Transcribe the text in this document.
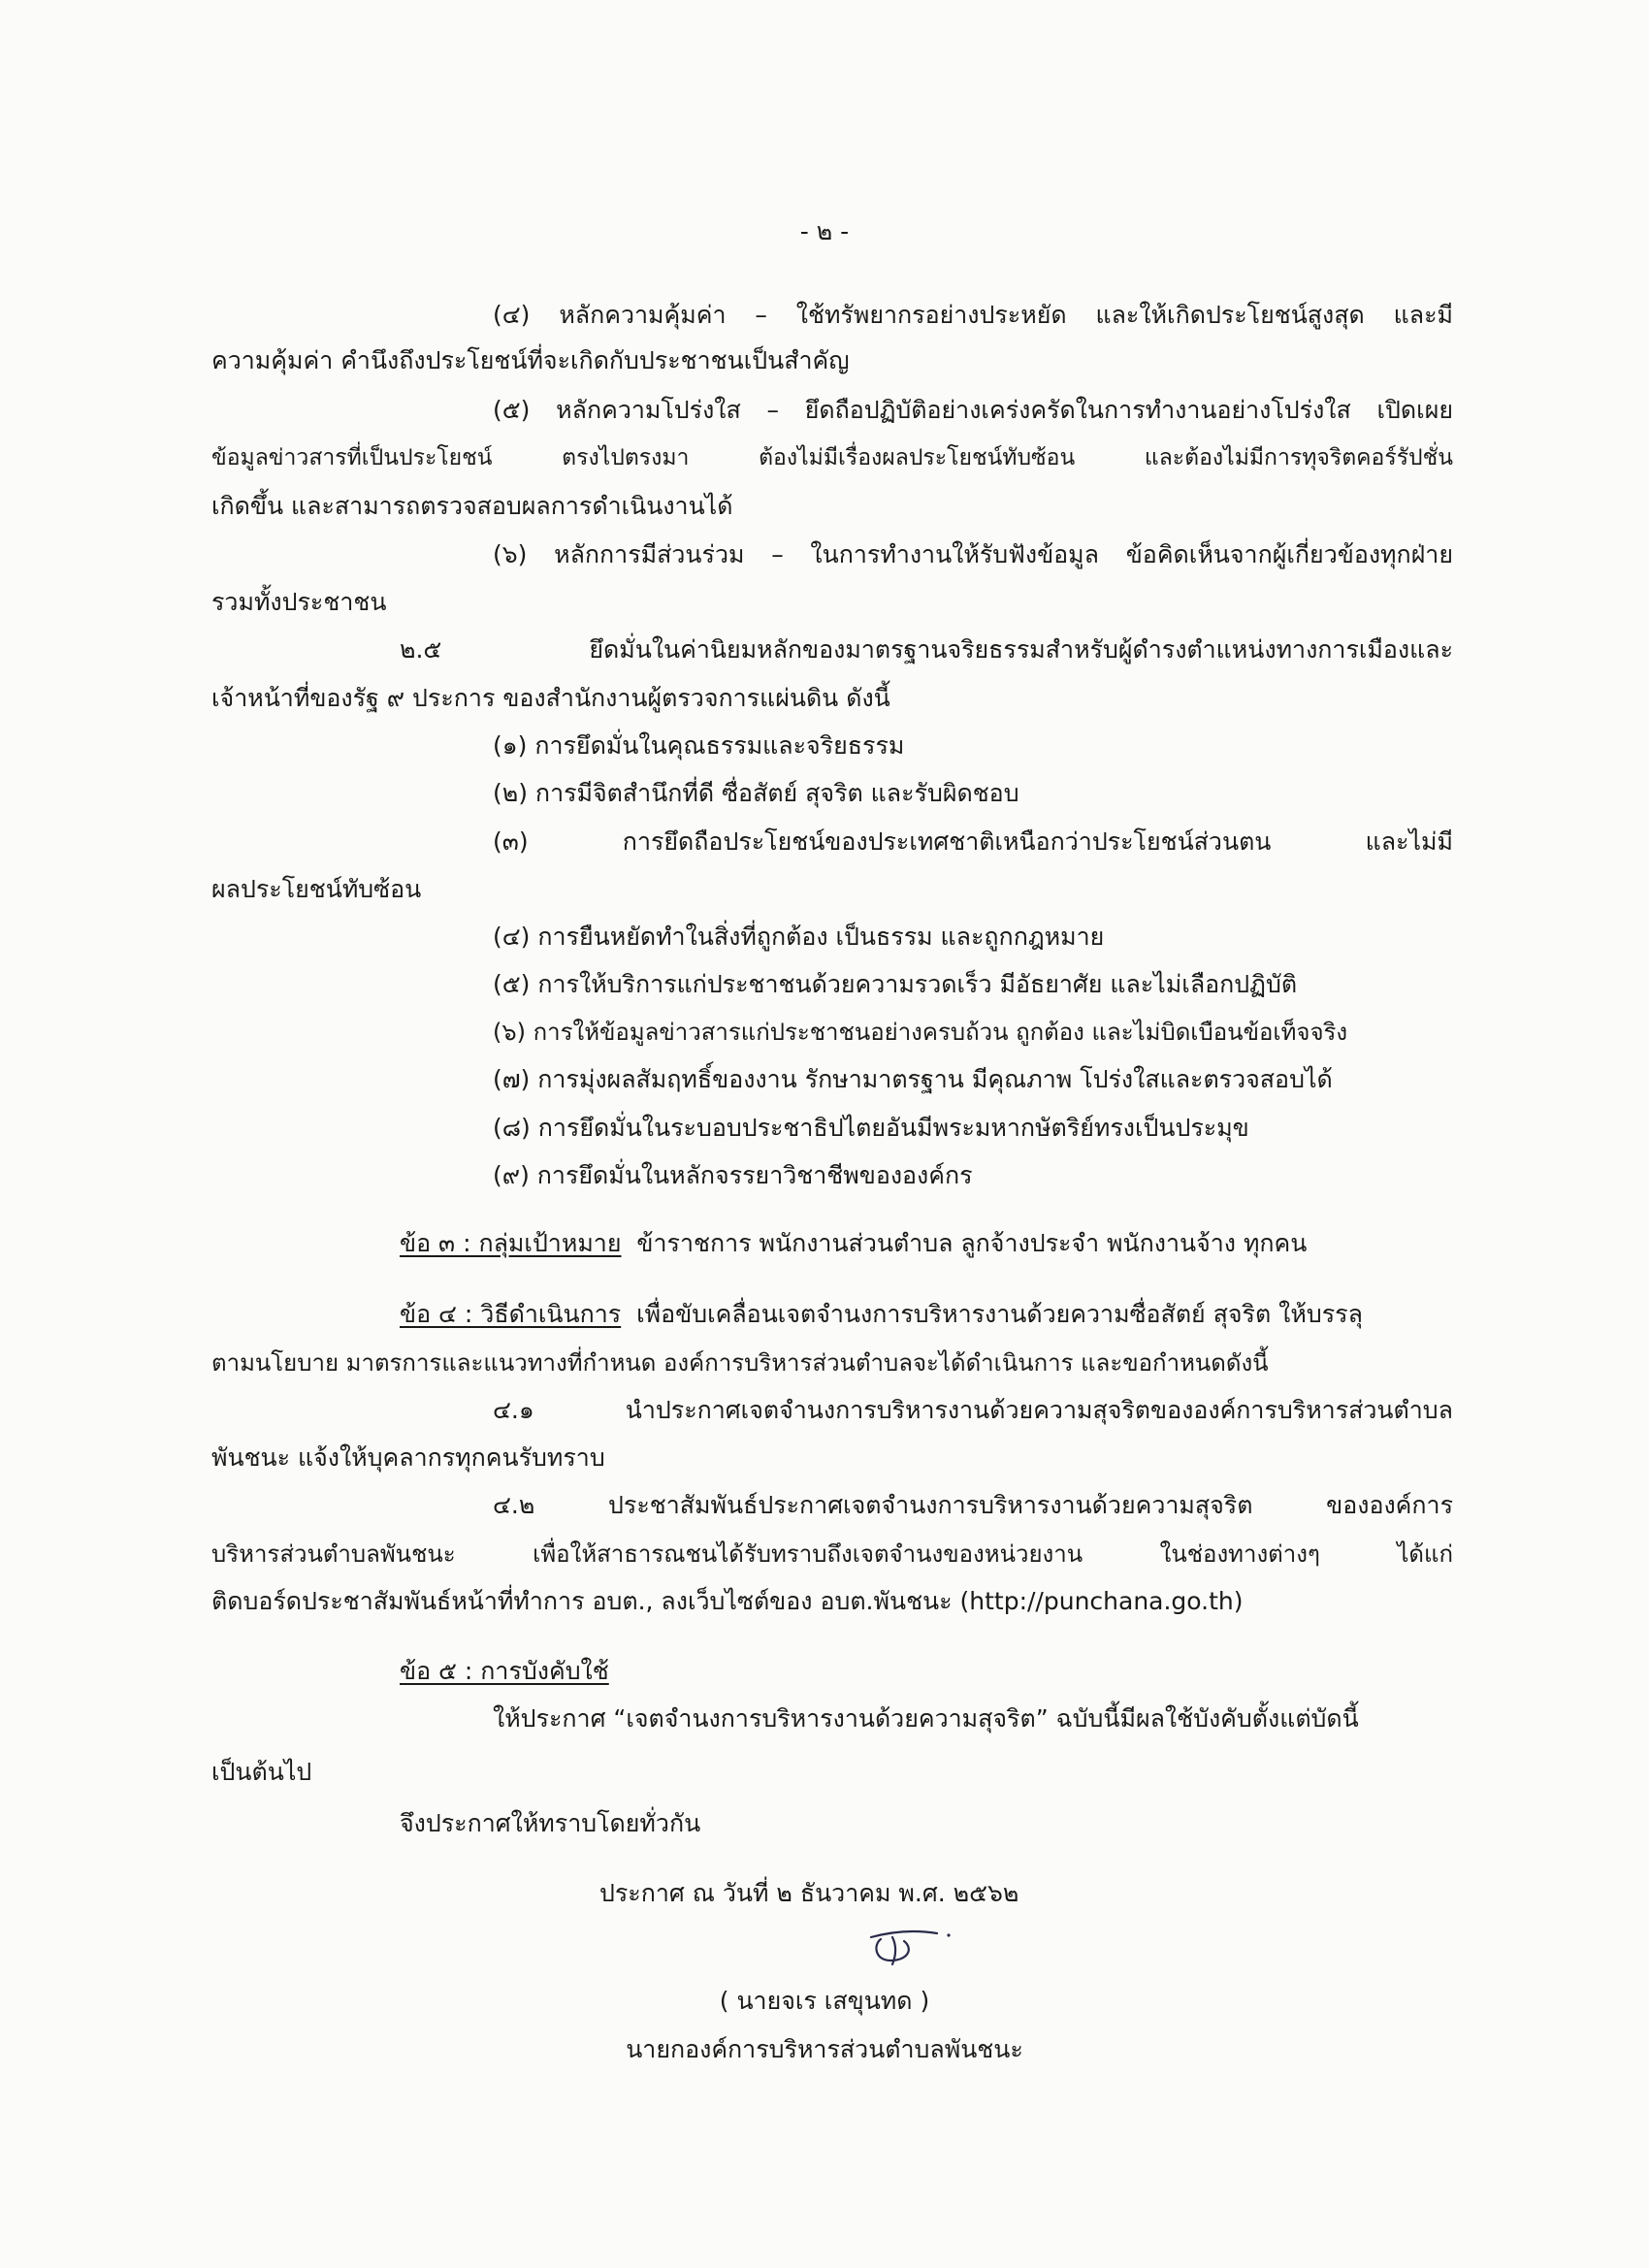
- ๒ -
(๔) หลักความคุ้มค่า – ใช้ทรัพยากรอย่างประหยัด และให้เกิดประโยชน์สูงสุด และมี
ความคุ้มค่า คำนึงถึงประโยชน์ที่จะเกิดกับประชาชนเป็นสำคัญ
(๕) หลักความโปร่งใส – ยึดถือปฏิบัติอย่างเคร่งครัดในการทำงานอย่างโปร่งใส เปิดเผย
ข้อมูลข่าวสารที่เป็นประโยชน์ ตรงไปตรงมา ต้องไม่มีเรื่องผลประโยชน์ทับซ้อน และต้องไม่มีการทุจริตคอร์รัปชั่น
เกิดขึ้น และสามารถตรวจสอบผลการดำเนินงานได้
(๖) หลักการมีส่วนร่วม – ในการทำงานให้รับฟังข้อมูล ข้อคิดเห็นจากผู้เกี่ยวข้องทุกฝ่าย
รวมทั้งประชาชน
๒.๕ ยึดมั่นในค่านิยมหลักของมาตรฐานจริยธรรมสำหรับผู้ดำรงตำแหน่งทางการเมืองและ
เจ้าหน้าที่ของรัฐ ๙ ประการ ของสำนักงานผู้ตรวจการแผ่นดิน ดังนี้
(๑) การยึดมั่นในคุณธรรมและจริยธรรม
(๒) การมีจิตสำนึกที่ดี ซื่อสัตย์ สุจริต และรับผิดชอบ
(๓) การยึดถือประโยชน์ของประเทศชาติเหนือกว่าประโยชน์ส่วนตน และไม่มี
ผลประโยชน์ทับซ้อน
(๔) การยืนหยัดทำในสิ่งที่ถูกต้อง เป็นธรรม และถูกกฎหมาย
(๕) การให้บริการแก่ประชาชนด้วยความรวดเร็ว มีอัธยาศัย และไม่เลือกปฏิบัติ
(๖) การให้ข้อมูลข่าวสารแก่ประชาชนอย่างครบถ้วน ถูกต้อง และไม่บิดเบือนข้อเท็จจริง
(๗) การมุ่งผลสัมฤทธิ์ของงาน รักษามาตรฐาน มีคุณภาพ โปร่งใสและตรวจสอบได้
(๘) การยึดมั่นในระบอบประชาธิปไตยอันมีพระมหากษัตริย์ทรงเป็นประมุข
(๙) การยึดมั่นในหลักจรรยาวิชาชีพขององค์กร
ข้อ ๓ : กลุ่มเป้าหมาย ข้าราชการ พนักงานส่วนตำบล ลูกจ้างประจำ พนักงานจ้าง ทุกคน
ข้อ ๔ : วิธีดำเนินการ เพื่อขับเคลื่อนเจตจำนงการบริหารงานด้วยความซื่อสัตย์ สุจริต ให้บรรลุ
ตามนโยบาย มาตรการและแนวทางที่กำหนด องค์การบริหารส่วนตำบลจะได้ดำเนินการ และขอกำหนดดังนี้
๔.๑ นำประกาศเจตจำนงการบริหารงานด้วยความสุจริตขององค์การบริหารส่วนตำบล
พันชนะ แจ้งให้บุคลากรทุกคนรับทราบ
๔.๒ ประชาสัมพันธ์ประกาศเจตจำนงการบริหารงานด้วยความสุจริต ขององค์การ
บริหารส่วนตำบลพันชนะ เพื่อให้สาธารณชนได้รับทราบถึงเจตจำนงของหน่วยงาน ในช่องทางต่างๆ ได้แก่
ติดบอร์ดประชาสัมพันธ์หน้าที่ทำการ อบต., ลงเว็บไซต์ของ อบต.พันชนะ (http://punchana.go.th)
ข้อ ๕ : การบังคับใช้
ให้ประกาศ “เจตจำนงการบริหารงานด้วยความสุจริต” ฉบับนี้มีผลใช้บังคับตั้งแต่บัดนี้
เป็นต้นไป
จึงประกาศให้ทราบโดยทั่วกัน
ประกาศ ณ วันที่ ๒ ธันวาคม พ.ศ. ๒๕๖๒
( นายจเร เสขุนทด )
นายกองค์การบริหารส่วนตำบลพันชนะ
